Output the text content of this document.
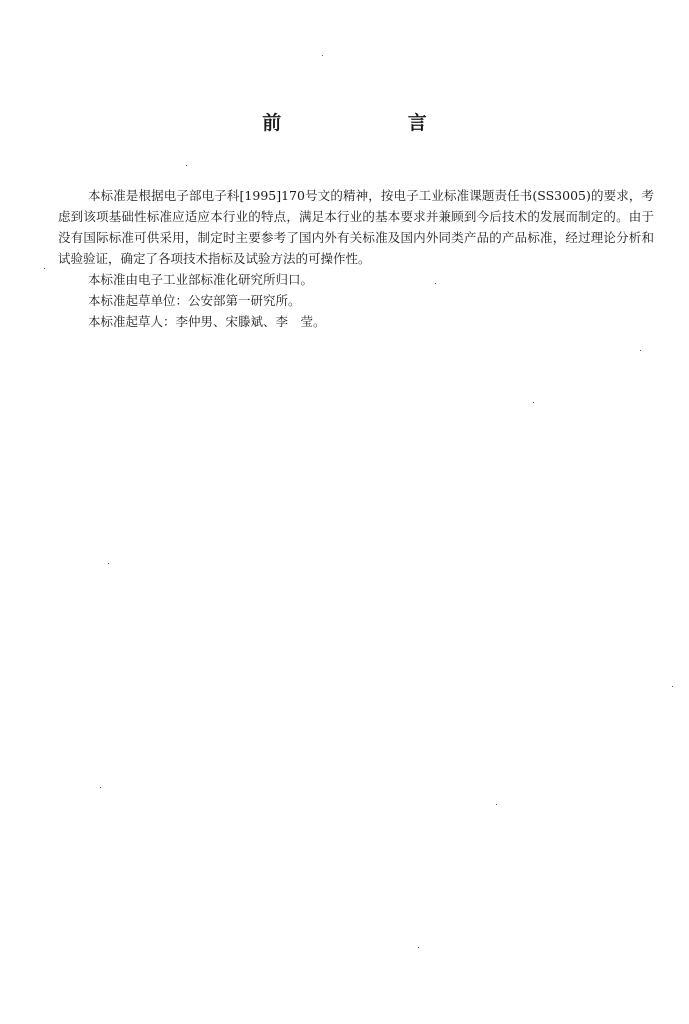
前 言

本标准是根据电子部电子科[1995]170号文的精神，按电子工业标准课题责任书(SS3005)的要求，考虑到该项基础性标准应适应本行业的特点，满足本行业的基本要求并兼顾到今后技术的发展而制定的。由于没有国际标准可供采用，制定时主要参考了国内外有关标准及国内外同类产品的产品标准，经过理论分析和试验验证，确定了各项技术指标及试验方法的可操作性。

本标准由电子工业部标准化研究所归口。

本标准起草单位：公安部第一研究所。

本标准起草人：李仲男、宋滕斌、李　莹。
